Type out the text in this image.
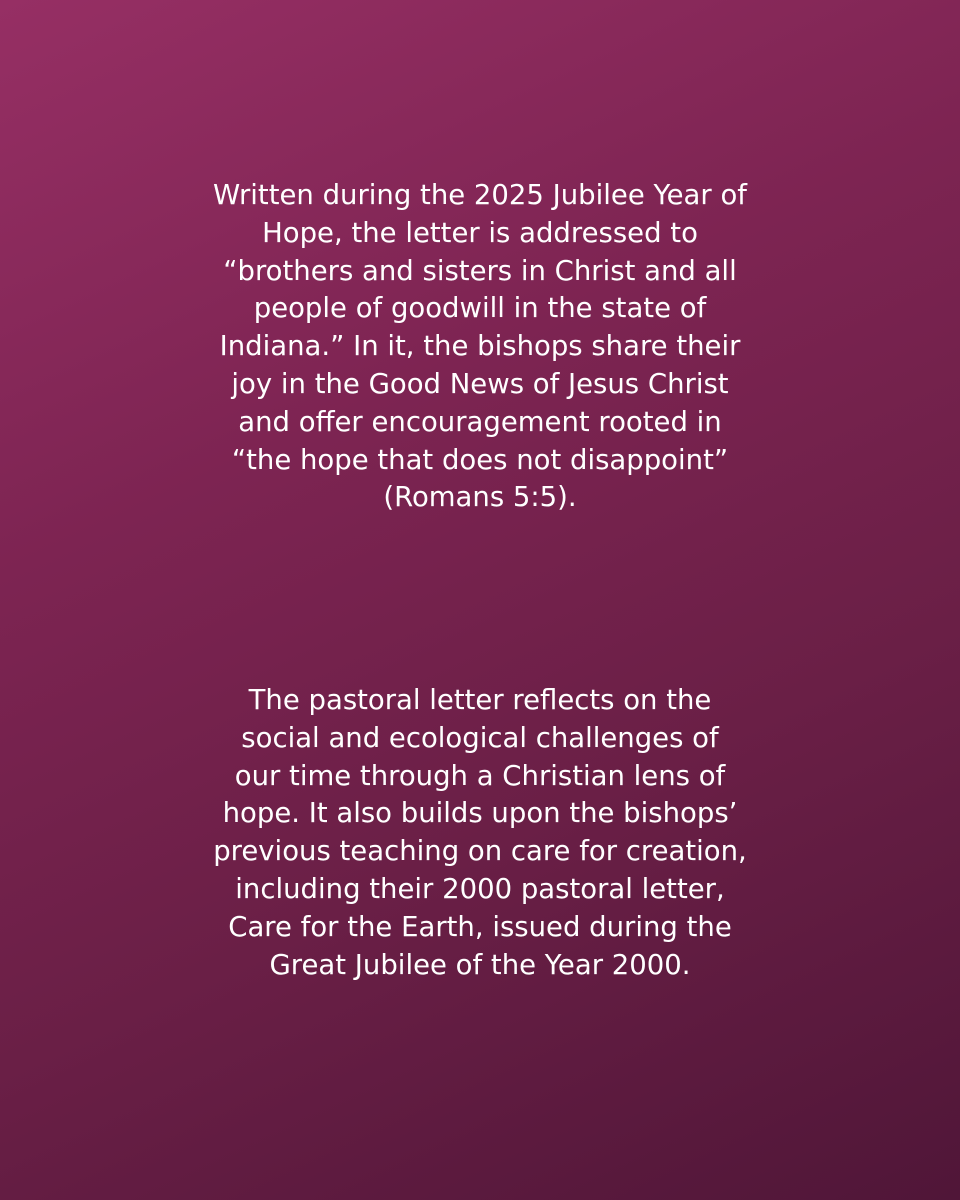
Written during the 2025 Jubilee Year of
Hope, the letter is addressed to
“brothers and sisters in Christ and all
people of goodwill in the state of
Indiana.” In it, the bishops share their
joy in the Good News of Jesus Christ
and offer encouragement rooted in
“the hope that does not disappoint”
(Romans 5:5).
The pastoral letter reflects on the
social and ecological challenges of
our time through a Christian lens of
hope. It also builds upon the bishops’
previous teaching on care for creation,
including their 2000 pastoral letter,
Care for the Earth, issued during the
Great Jubilee of the Year 2000.
